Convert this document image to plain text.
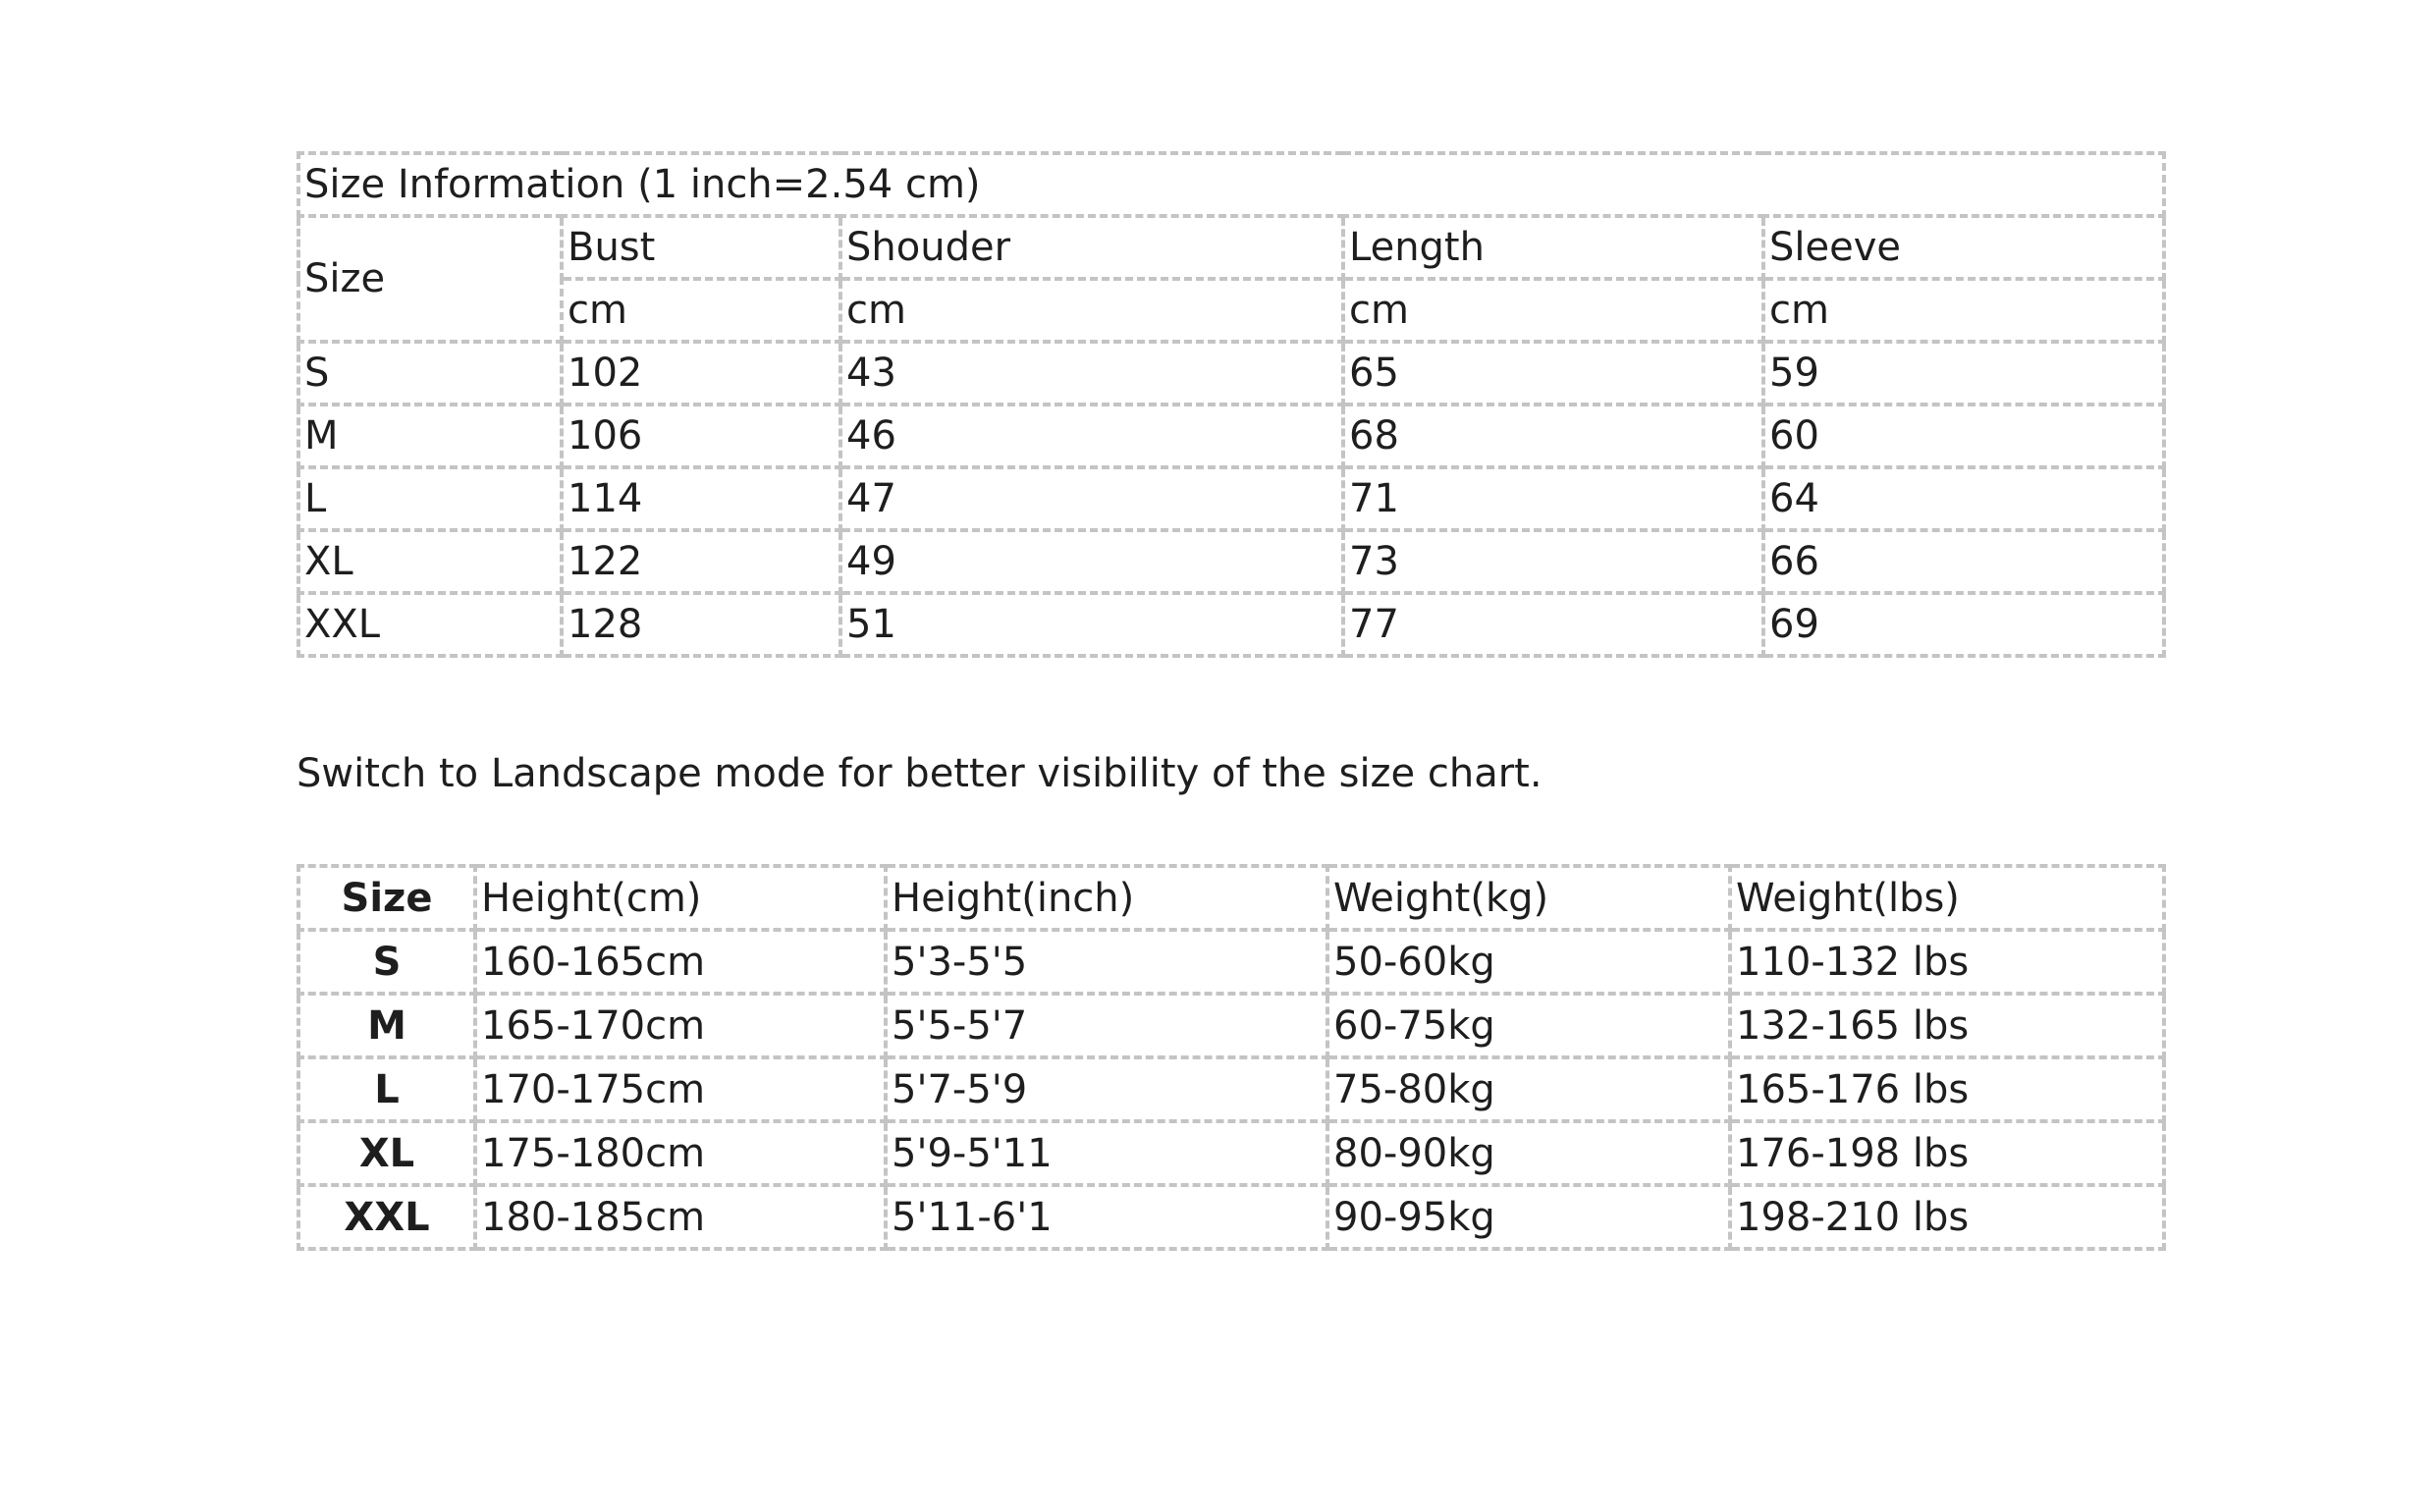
Size Information (1 inch=2.54 cm)				
Size	Bust	Shouder	Length	Sleeve
	cm	cm	cm	cm
S	102	43	65	59
M	106	46	68	60
L	114	47	71	64
XL	122	49	73	66
XXL	128	51	77	69
Switch to Landscape mode for better visibility of the size chart.
Size	Height(cm)	Height(inch)	Weight(kg)	Weight(lbs)
S	160-165cm	5'3-5'5	50-60kg	110-132 lbs
M	165-170cm	5'5-5'7	60-75kg	132-165 lbs
L	170-175cm	5'7-5'9	75-80kg	165-176 lbs
XL	175-180cm	5'9-5'11	80-90kg	176-198 lbs
XXL	180-185cm	5'11-6'1	90-95kg	198-210 lbs
